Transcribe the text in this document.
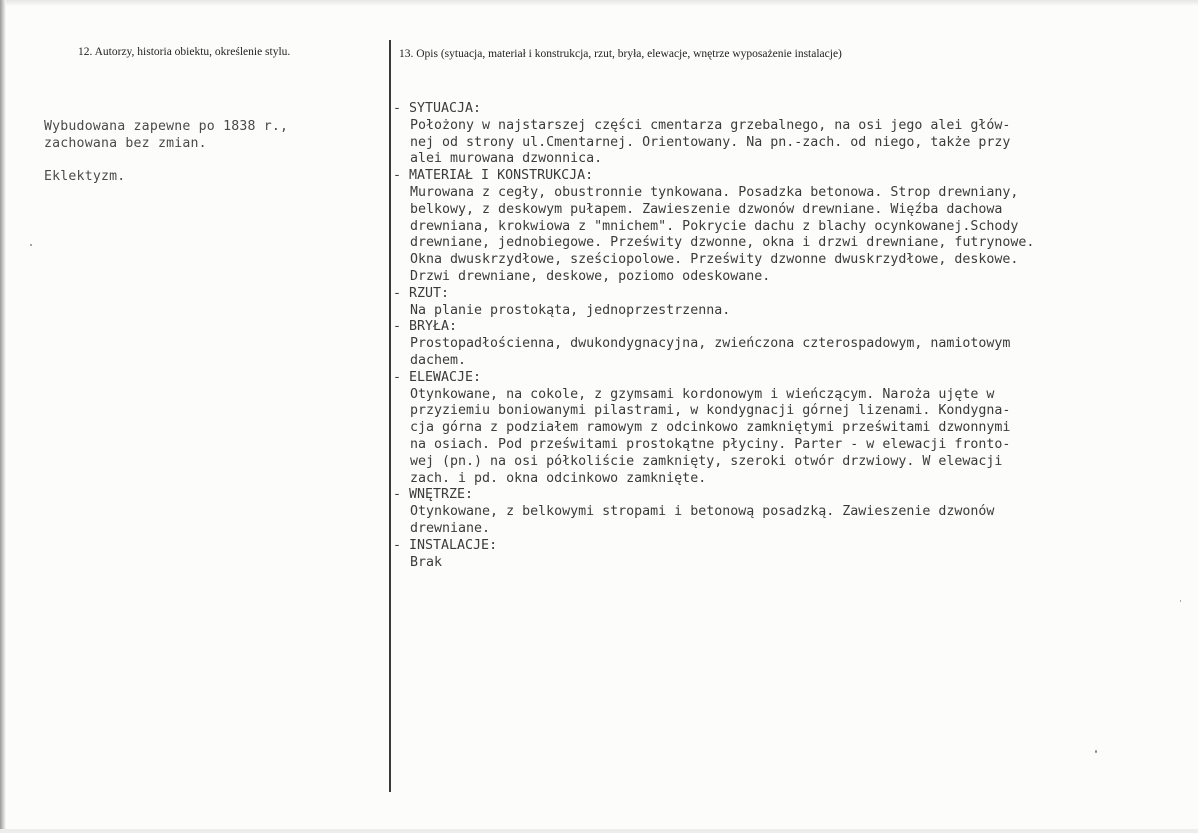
12. Autorzy, historia obiektu, określenie stylu.	13. Opis (sytuacja, materiał i konstrukcja, rzut, bryła, elewacje, wnętrze wyposażenie instalacje)
Wybudowana zapewne po 1838 r.,
zachowana bez zmian.
Eklektyzm.
- SYTUACJA:
Położony w najstarszej części cmentarza grzebalnego, na osi jego alei głów-
nej od strony ul.Cmentarnej. Orientowany. Na pn.-zach. od niego, także przy
alei murowana dzwonnica.
- MATERIAŁ I KONSTRUKCJA:
Murowana z cegły, obustronnie tynkowana. Posadzka betonowa. Strop drewniany,
belkowy, z deskowym pułapem. Zawieszenie dzwonów drewniane. Więźba dachowa
drewniana, krokwiowa z "mnichem". Pokrycie dachu z blachy ocynkowanej.Schody
drewniane, jednobiegowe. Prześwity dzwonne, okna i drzwi drewniane, futrynowe.
Okna dwuskrzydłowe, sześciopolowe. Prześwity dzwonne dwuskrzydłowe, deskowe.
Drzwi drewniane, deskowe, poziomo odeskowane.
- RZUT:
Na planie prostokąta, jednoprzestrzenna.
- BRYŁA:
Prostopadłościenna, dwukondygnacyjna, zwieńczona czterospadowym, namiotowym
dachem.
- ELEWACJE:
Otynkowane, na cokole, z gzymsami kordonowym i wieńczącym. Naroża ujęte w
przyziemiu boniowanymi pilastrami, w kondygnacji górnej lizenami. Kondygna-
cja górna z podziałem ramowym z odcinkowo zamkniętymi prześwitami dzwonnymi
na osiach. Pod prześwitami prostokątne płyciny. Parter - w elewacji fronto-
wej (pn.) na osi półkoliście zamknięty, szeroki otwór drzwiowy. W elewacji
zach. i pd. okna odcinkowo zamknięte.
- WNĘTRZE:
Otynkowane, z belkowymi stropami i betonową posadzką. Zawieszenie dzwonów
drewniane.
- INSTALACJE:
Brak
